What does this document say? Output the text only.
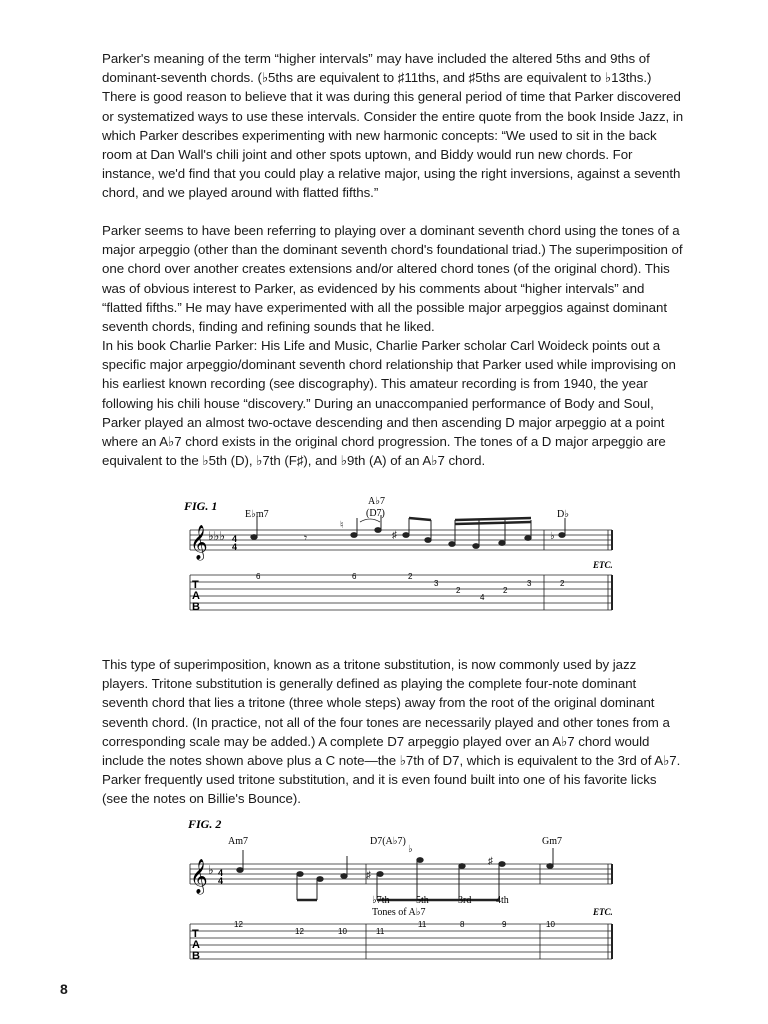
Parker's meaning of the term “higher intervals” may have included the altered 5ths and 9ths of dominant-seventh chords. (♭5ths are equivalent to ♯11ths, and ♯5ths are equivalent to ♭13ths.) There is good reason to believe that it was during this general period of time that Parker discovered or systematized ways to use these intervals. Consider the entire quote from the book Inside Jazz, in which Parker describes experimenting with new harmonic concepts: “We used to sit in the back room at Dan Wall's chili joint and other spots uptown, and Biddy would run new chords. For instance, we'd find that you could play a relative major, using the right inversions, against a seventh chord, and we played around with flatted fifths.”

Parker seems to have been referring to playing over a dominant seventh chord using the tones of a major arpeggio (other than the dominant seventh chord's foundational triad.) The superimposition of one chord over another creates extensions and/or altered chord tones (of the original chord). This was of obvious interest to Parker, as evidenced by his comments about “higher intervals” and “flatted fifths.” He may have experimented with all the possible major arpeggios against dominant seventh chords, finding and refining sounds that he liked.

In his book Charlie Parker: His Life and Music, Charlie Parker scholar Carl Woideck points out a specific major arpeggio/dominant seventh chord relationship that Parker used while improvising on his earliest known recording (see discography). This amateur recording is from 1940, the year following his chili house “discovery.” During an unaccompanied performance of Body and Soul, Parker played an almost two-octave descending and then ascending D major arpeggio at a point where an A♭7 chord exists in the original chord progression. The tones of a D major arpeggio are equivalent to the ♭5th (D), ♭7th (F♯), and ♭9th (A) of an A♭7 chord.

FIG. 1
E♭m7
A♭7
(D7)	D♭
𝄞 ♭♭♭ 4
4
𝄾
♮
♯	♭
ETC.
T
A
B
6	6	2
3
2
4
2
3	2

This type of superimposition, known as a tritone substitution, is now commonly used by jazz players. Tritone substitution is generally defined as playing the complete four-note dominant seventh chord that lies a tritone (three whole steps) away from the root of the original dominant seventh chord. (In practice, not all of the four tones are necessarily played and other tones from a corresponding scale may be added.) A complete D7 arpeggio played over an A♭7 chord would include the notes shown above plus a C note—the ♭7th of D7, which is equivalent to the 3rd of A♭7. Parker frequently used tritone substitution, and it is even found built into one of his favorite licks (see the notes on Billie's Bounce).

FIG. 2
Am7	D7(A♭7)	Gm7
𝄞 ♭ 4
4	♯
♭
♯
♭7th	5th	3rd 4th
Tones of A♭7	ETC.
T
A
B
12
12	10	11
11	8	9	10
8
